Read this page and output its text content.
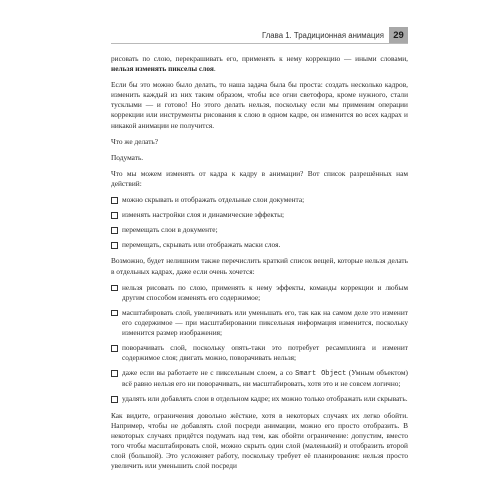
Глава 1. Традиционная анимация 29

рисовать по слою, перекрашивать его, применять к нему коррекцию — иными словами, нельзя изменять пикселы слоя.

Если бы это можно было делать, то наша задача была бы проста: создать несколько кадров, изменить каждый из них таким образом, чтобы все огни светофора, кроме нужного, стали тусклыми — и готово! Но этого делать нельзя, поскольку если мы применим операции коррекции или инструменты рисования к слою в одном кадре, он изменится во всех кадрах и никакой анимации не получится.

Что же делать?

Подумать.

Что мы можем изменять от кадра к кадру в анимации? Вот список разрешённых нам действий:

можно скрывать и отображать отдельные слои документа;
изменять настройки слоя и динамические эффекты;
перемещать слои в документе;
перемещать, скрывать или отображать маски слоя.

Возможно, будет нелишним также перечислить краткий список вещей, которые нельзя делать в отдельных кадрах, даже если очень хочется:

нельзя рисовать по слою, применять к нему эффекты, команды коррекции и любым другим способом изменять его содержимое;
масштабировать слой, увеличивать или уменьшать его, так как на самом деле это изменит его содержимое — при масштабировании пиксельная информация изменится, поскольку изменится размер изображения;
поворачивать слой, поскольку опять-таки это потребует ресамплинга и изменит содержимое слоя; двигать можно, поворачивать нельзя;
даже если вы работаете не с пиксельным слоем, а со Smart Object (Умным объектом) всё равно нельзя его ни поворачивать, ни масштабировать, хотя это и не совсем логично;
удалять или добавлять слои в отдельном кадре; их можно только отображать или скрывать.

Как видите, ограничения довольно жёсткие, хотя в некоторых случаях их легко обойти. Например, чтобы не добавлять слой посреди анимации, можно его просто отобразить. В некоторых случаях придётся подумать над тем, как обойти ограничение: допустим, вместо того чтобы масштабировать слой, можно скрыть один слой (маленький) и отобразить второй слой (большой). Это усложняет работу, поскольку требует её планирования: нельзя просто увеличить или уменьшить слой посреди
